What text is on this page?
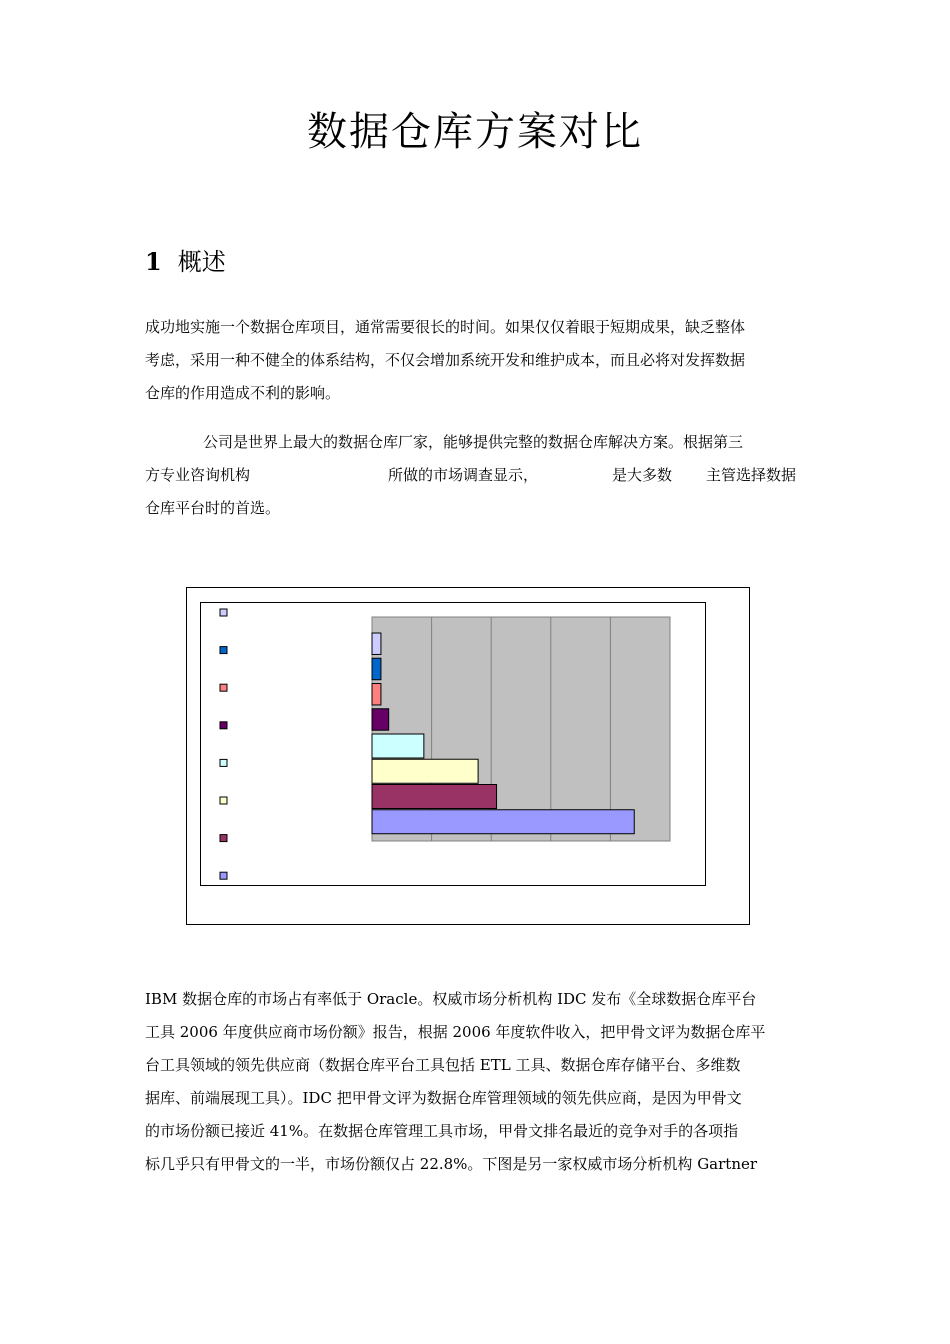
数据仓库方案对比
1 概述
成功地实施一个数据仓库项目，通常需要很长的时间。如果仅仅着眼于短期成果，缺乏整体
考虑，采用一种不健全的体系结构，不仅会增加系统开发和维护成本，而且必将对发挥数据
仓库的作用造成不利的影响。
公司是世界上最大的数据仓库厂家，能够提供完整的数据仓库解决方案。根据第三
方专业咨询机构	所做的市场调查显示，	是大多数 主管选择数据
仓库平台时的首选。
IBM 数据仓库的市场占有率低于 Oracle。权威市场分析机构 IDC 发布《全球数据仓库平台
工具 2006 年度供应商市场份额》报告，根据 2006 年度软件收入，把甲骨文评为数据仓库平
台工具领域的领先供应商（数据仓库平台工具包括 ETL 工具、数据仓库存储平台、多维数
据库、前端展现工具）。IDC 把甲骨文评为数据仓库管理领域的领先供应商，是因为甲骨文
的市场份额已接近 41%。在数据仓库管理工具市场，甲骨文排名最近的竞争对手的各项指
标几乎只有甲骨文的一半，市场份额仅占 22.8%。下图是另一家权威市场分析机构 Gartner
